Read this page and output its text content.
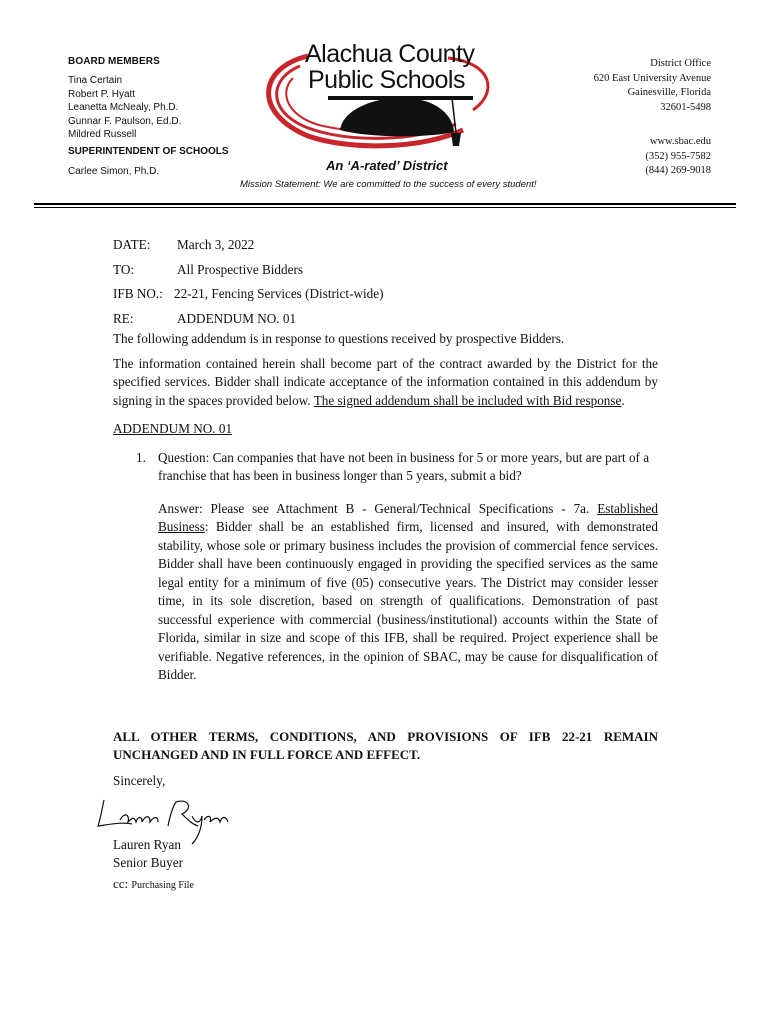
BOARD MEMBERS
Tina Certain
Robert P. Hyatt
Leanetta McNealy, Ph.D.
Gunnar F. Paulson, Ed.D.
Mildred Russell
SUPERINTENDENT OF SCHOOLS
Carlee Simon, Ph.D.
Alachua County
Public Schools
An ‘A-rated’ District
Mission Statement: We are committed to the success of every student!
District Office
620 East University Avenue
Gainesville, Florida
32601-5498
www.sbac.edu
(352) 955-7582
(844) 269-9018
DATE: March 3, 2022
TO:	All Prospective Bidders
IFB NO.: 22-21, Fencing Services (District-wide)
RE:	ADDENDUM NO. 01

The following addendum is in response to questions received by prospective Bidders.

The information contained herein shall become part of the contract awarded by the District for the specified services. Bidder shall indicate acceptance of the information contained in this addendum by signing in the spaces provided below. The signed addendum shall be included with Bid response.

ADDENDUM NO. 01

1. Question: Can companies that have not been in business for 5 or more years, but are part of a franchise that has been in business longer than 5 years, submit a bid?

Answer: Please see Attachment B - General/Technical Specifications - 7a. Established Business: Bidder shall be an established firm, licensed and insured, with demonstrated stability, whose sole or primary business includes the provision of commercial fence services. Bidder shall have been continuously engaged in providing the specified services as the same legal entity for a minimum of five (05) consecutive years. The District may consider lesser time, in its sole discretion, based on strength of qualifications. Demonstration of past successful experience with commercial (business/institutional) accounts within the State of Florida, similar in size and scope of this IFB, shall be required. Project experience shall be verifiable. Negative references, in the opinion of SBAC, may be cause for disqualification of Bidder.

ALL OTHER TERMS, CONDITIONS, AND PROVISIONS OF IFB 22-21 REMAIN UNCHANGED AND IN FULL FORCE AND EFFECT.
Sincerely,
Lauren Ryan
Senior Buyer
cc: Purchasing File
